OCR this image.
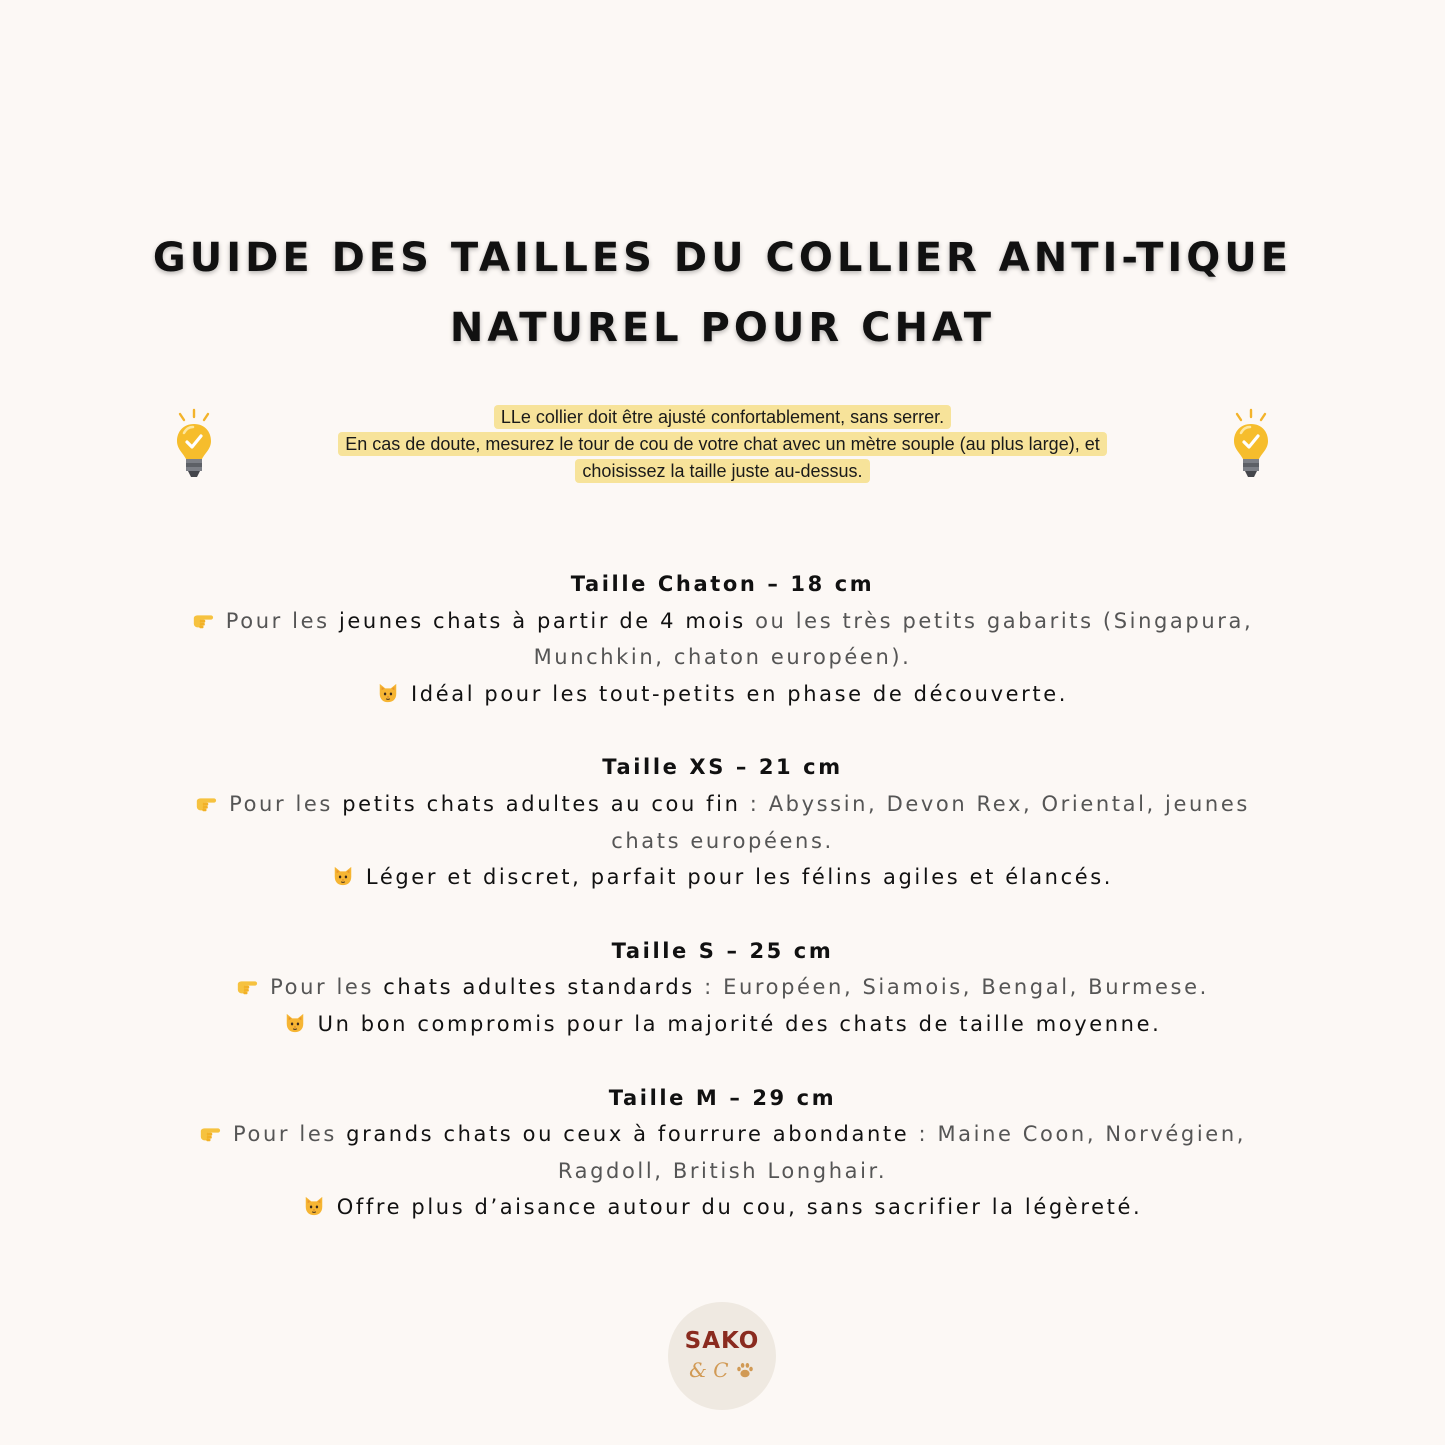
GUIDE DES TAILLES DU COLLIER ANTI-TIQUE
NATUREL POUR CHAT
LLe collier doit être ajusté confortablement, sans serrer.
En cas de doute, mesurez le tour de cou de votre chat avec un mètre souple (au plus large), et
choisissez la taille juste au-dessus.

Taille Chaton – 18 cm

Pour les jeunes chats à partir de 4 mois ou les très petits gabarits (Singapura,
Munchkin, chaton européen).

Idéal pour les tout-petits en phase de découverte.

Taille XS – 21 cm

Pour les petits chats adultes au cou fin : Abyssin, Devon Rex, Oriental, jeunes
chats européens.

Léger et discret, parfait pour les félins agiles et élancés.

Taille S – 25 cm

Pour les chats adultes standards : Européen, Siamois, Bengal, Burmese.

Un bon compromis pour la majorité des chats de taille moyenne.

Taille M – 29 cm

Pour les grands chats ou ceux à fourrure abondante : Maine Coon, Norvégien,
Ragdoll, British Longhair.

Offre plus d’aisance autour du cou, sans sacrifier la légèreté.

SAKO
& C
